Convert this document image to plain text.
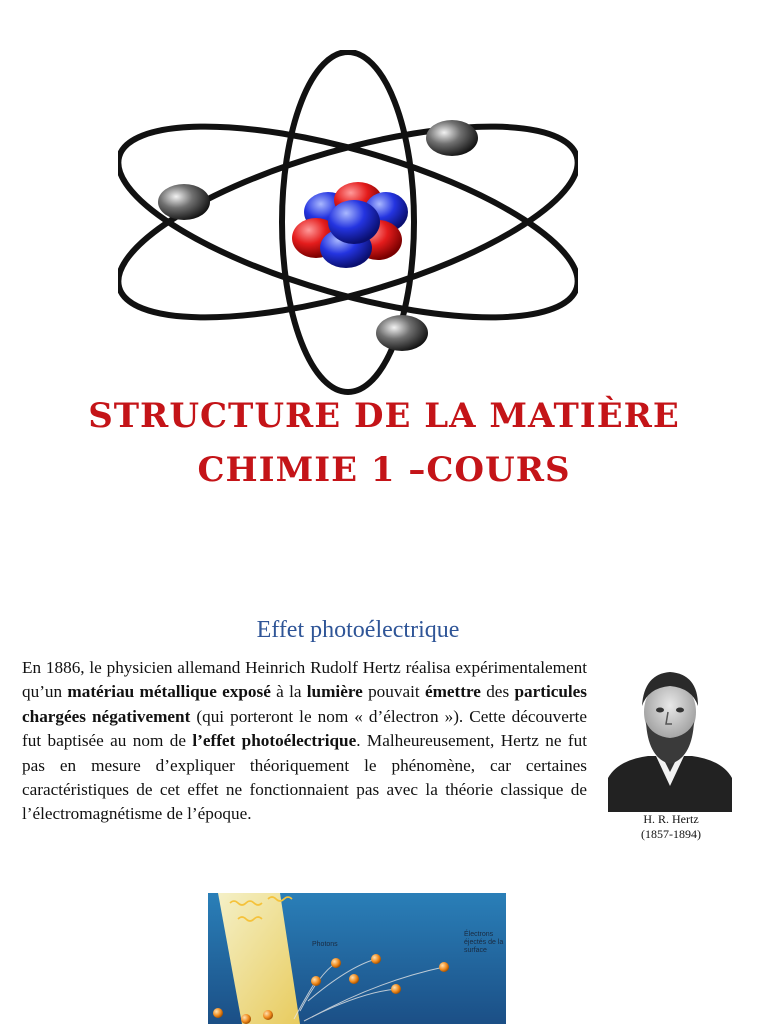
STRUCTURE DE LA MATIÈRE
CHIMIE 1 –COURS
Effet photoélectrique
En 1886, le physicien allemand Heinrich Rudolf Hertz réalisa expérimentalement qu’un matériau métallique exposé à la lumière pouvait émettre des particules chargées négativement (qui porteront le nom « d’électron »). Cette découverte fut baptisée au nom de l’effet photoélectrique. Malheureusement, Hertz ne fut pas en mesure d’expliquer théoriquement le phénomène, car certaines caractéristiques de cet effet ne fonctionnaient pas avec la théorie classique de l’électromagnétisme de l’époque.	H. R. Hertz
(1857-1894)
Photons
Électrons
éjectés de la
surface
